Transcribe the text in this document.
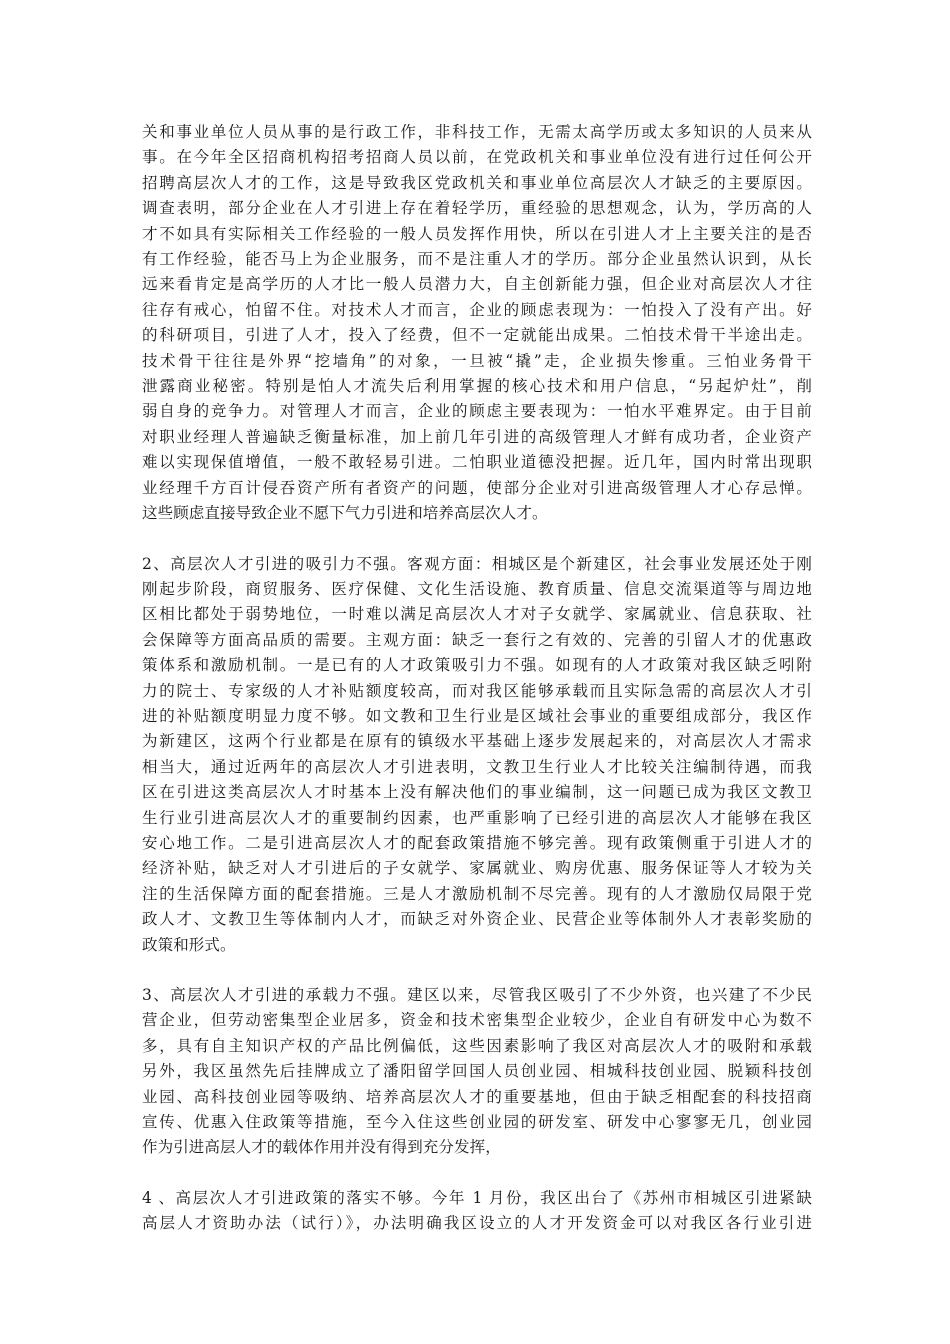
关和事业单位人员从事的是行政工作，非科技工作，无需太高学历或太多知识的人员来从
事。在今年全区招商机构招考招商人员以前，在党政机关和事业单位没有进行过任何公开
招聘高层次人才的工作，这是导致我区党政机关和事业单位高层次人才缺乏的主要原因。
调查表明，部分企业在人才引进上存在着轻学历，重经验的思想观念，认为，学历高的人
才不如具有实际相关工作经验的一般人员发挥作用快，所以在引进人才上主要关注的是否
有工作经验，能否马上为企业服务，而不是注重人才的学历。部分企业虽然认识到，从长
远来看肯定是高学历的人才比一般人员潜力大，自主创新能力强，但企业对高层次人才往
往存有戒心，怕留不住。对技术人才而言，企业的顾虑表现为：一怕投入了没有产出。好
的科研项目，引进了人才，投入了经费，但不一定就能出成果。二怕技术骨干半途出走。
技术骨干往往是外界“挖墙角”的对象，一旦被“撬”走，企业损失惨重。三怕业务骨干
泄露商业秘密。特别是怕人才流失后利用掌握的核心技术和用户信息，“另起炉灶”，削
弱自身的竞争力。对管理人才而言，企业的顾虑主要表现为：一怕水平难界定。由于目前
对职业经理人普遍缺乏衡量标准，加上前几年引进的高级管理人才鲜有成功者，企业资产
难以实现保值增值，一般不敢轻易引进。二怕职业道德没把握。近几年，国内时常出现职
业经理千方百计侵吞资产所有者资产的问题，使部分企业对引进高级管理人才心存忌惮。
这些顾虑直接导致企业不愿下气力引进和培养高层次人才。
2、高层次人才引进的吸引力不强。客观方面：相城区是个新建区，社会事业发展还处于刚
刚起步阶段，商贸服务、医疗保健、文化生活设施、教育质量、信息交流渠道等与周边地
区相比都处于弱势地位，一时难以满足高层次人才对子女就学、家属就业、信息获取、社
会保障等方面高品质的需要。主观方面：缺乏一套行之有效的、完善的引留人才的优惠政
策体系和激励机制。一是已有的人才政策吸引力不强。如现有的人才政策对我区缺乏吲附
力的院士、专家级的人才补贴额度较高，而对我区能够承载而且实际急需的高层次人才引
进的补贴额度明显力度不够。如文教和卫生行业是区域社会事业的重要组成部分，我区作
为新建区，这两个行业都是在原有的镇级水平基础上逐步发展起来的，对高层次人才需求
相当大，通过近两年的高层次人才引进表明，文教卫生行业人才比较关注编制待遇，而我
区在引进这类高层次人才时基本上没有解决他们的事业编制，这一问题已成为我区文教卫
生行业引进高层次人才的重要制约因素，也严重影响了已经引进的高层次人才能够在我区
安心地工作。二是引进高层次人才的配套政策措施不够完善。现有政策侧重于引进人才的
经济补贴，缺乏对人才引进后的子女就学、家属就业、购房优惠、服务保证等人才较为关
注的生活保障方面的配套措施。三是人才激励机制不尽完善。现有的人才激励仅局限于党
政人才、文教卫生等体制内人才，而缺乏对外资企业、民营企业等体制外人才表彰奖励的
政策和形式。
3、高层次人才引进的承载力不强。建区以来，尽管我区吸引了不少外资，也兴建了不少民
营企业，但劳动密集型企业居多，资金和技术密集型企业较少，企业自有研发中心为数不
多，具有自主知识产权的产品比例偏低，这些因素影响了我区对高层次人才的吸附和承载
另外，我区虽然先后挂牌成立了潘阳留学回国人员创业园、相城科技创业园、脱颖科技创
业园、高科技创业园等吸纳、培养高层次人才的重要基地，但由于缺乏相配套的科技招商
宣传、优惠入住政策等措施，至今入住这些创业园的研发室、研发中心寥寥无几，创业园
作为引进高层人才的载体作用并没有得到充分发挥，
4 、高层次人才引进政策的落实不够。今年 1 月份，我区出台了《苏州市相城区引进紧缺
高层人才资助办法（试行）》，办法明确我区设立的人才开发资金可以对我区各行业引进
